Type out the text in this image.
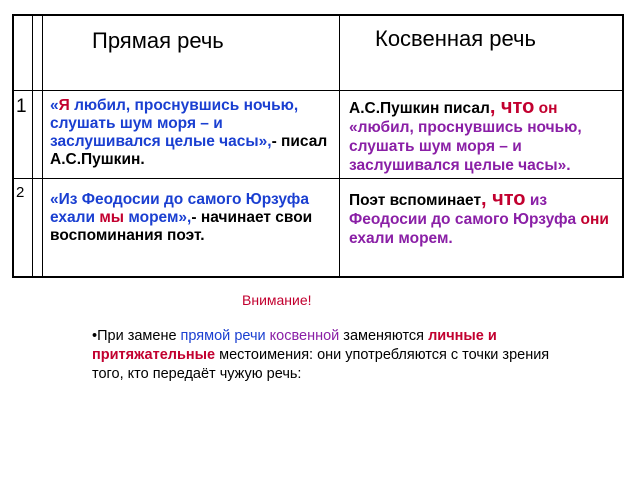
Прямая речь	Косвенная речь
1
2
«Я любил, проснувшись ночью, слушать шум моря – и заслушивался целые часы»,- писал А.С.Пушкин.
А.С.Пушкин писал, что он «любил, проснувшись ночью, слушать шум моря – и заслушивался целые часы».
«Из Феодосии до самого Юрзуфа ехали мы морем»,- начинает свои воспоминания поэт.
Поэт вспоминает, что из Феодосии до самого Юрзуфа они ехали морем.
Внимание!
•При замене прямой речи косвенной заменяются личные и притяжательные местоимения: они употребляются с точки зрения того, кто передаёт чужую речь:
